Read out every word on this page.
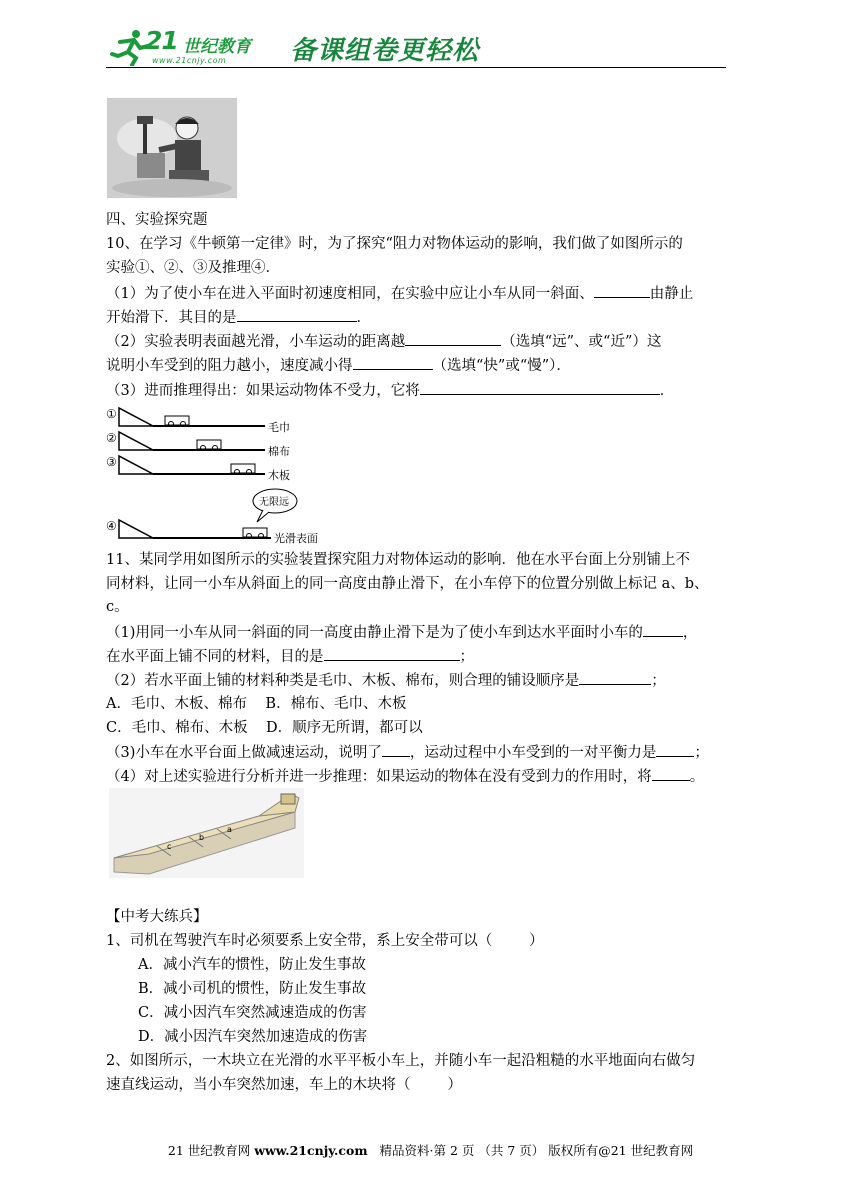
21 世纪教育
www.21cnjy.com 备课组卷更轻松
四、实验探究题
10、在学习《牛顿第一定律》时，为了探究“阻力对物体运动的影响，我们做了如图所示的
实验①、②、③及推理④．
（1）为了使小车在进入平面时初速度相同，在实验中应让小车从同一斜面、	由静止
开始滑下．其目的是	．
（2）实验表明表面越光滑，小车运动的距离越	（选填“远”、或“近”）这
说明小车受到的阻力越小，速度减小得	（选填“快”或“慢”）．
（3）进而推理得出：如果运动物体不受力，它将	．
①
毛巾
②
棉布
③
木板
④
无限远
光滑表面
11、某同学用如图所示的实验装置探究阻力对物体运动的影响．他在水平台面上分别铺上不
同材料，让同一小车从斜面上的同一高度由静止滑下，在小车停下的位置分别做上标记 a、b、
c。
（1)用同一小车从同一斜面的同一高度由静止滑下是为了使小车到达水平面时小车的	，
在水平面上铺不同的材料，目的是	；
（2）若水平面上铺的材料种类是毛巾、木板、棉布，则合理的铺设顺序是	；
A．毛巾、木板、棉布    B．棉布、毛巾、木板
C．毛巾、棉布、木板    D．顺序无所谓，都可以
（3)小车在水平台面上做减速运动，说明了 ，运动过程中小车受到的一对平衡力是	；
（4）对上述实验进行分析并进一步推理：如果运动的物体在没有受到力的作用时，将	。
c
b
a
【中考大练兵】
1、司机在驾驶汽车时必须要系上安全带，系上安全带可以（        ）
A．减小汽车的惯性，防止发生事故
B．减小司机的惯性，防止发生事故
C．减小因汽车突然减速造成的伤害
D．减小因汽车突然加速造成的伤害
2、如图所示，一木块立在光滑的水平平板小车上，并随小车一起沿粗糙的水平地面向右做匀
速直线运动，当小车突然加速，车上的木块将（        ）
21 世纪教育网 www.21cnjy.com   精品资料·第 2 页 （共 7 页） 版权所有@21 世纪教育网
